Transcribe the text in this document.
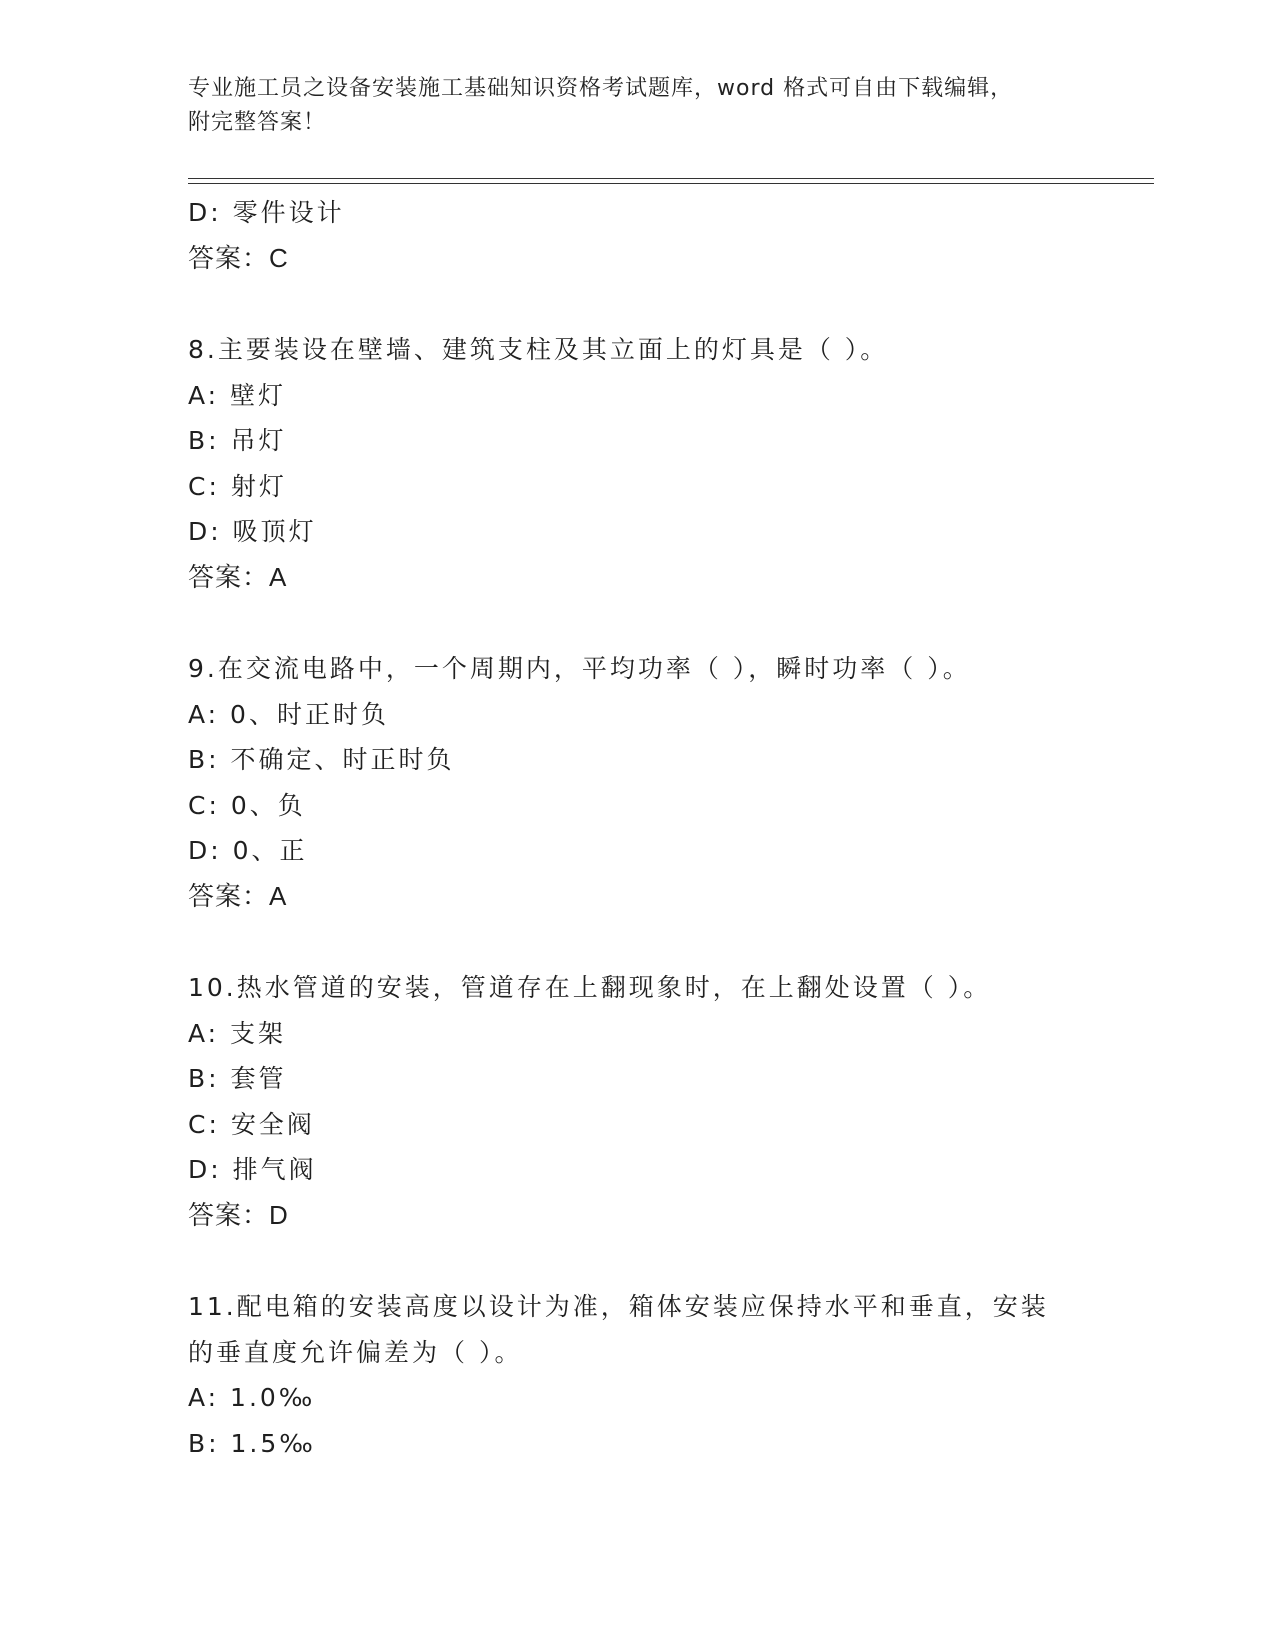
专业施工员之设备安装施工基础知识资格考试题库，word 格式可自由下载编辑，
附完整答案！
D: 零件设计
答案：C
8.主要装设在壁墙、建筑支柱及其立面上的灯具是（ ）。
A: 壁灯
B: 吊灯
C: 射灯
D: 吸顶灯
答案：A
9.在交流电路中，一个周期内，平均功率（ ），瞬时功率（ ）。
A: 0、时正时负
B: 不确定、时正时负
C: 0、负
D: 0、正
答案：A
10.热水管道的安装，管道存在上翻现象时，在上翻处设置（ ）。
A: 支架
B: 套管
C: 安全阀
D: 排气阀
答案：D
11.配电箱的安装高度以设计为准，箱体安装应保持水平和垂直，安装
的垂直度允许偏差为（ ）。
A: 1.0‰
B: 1.5‰
